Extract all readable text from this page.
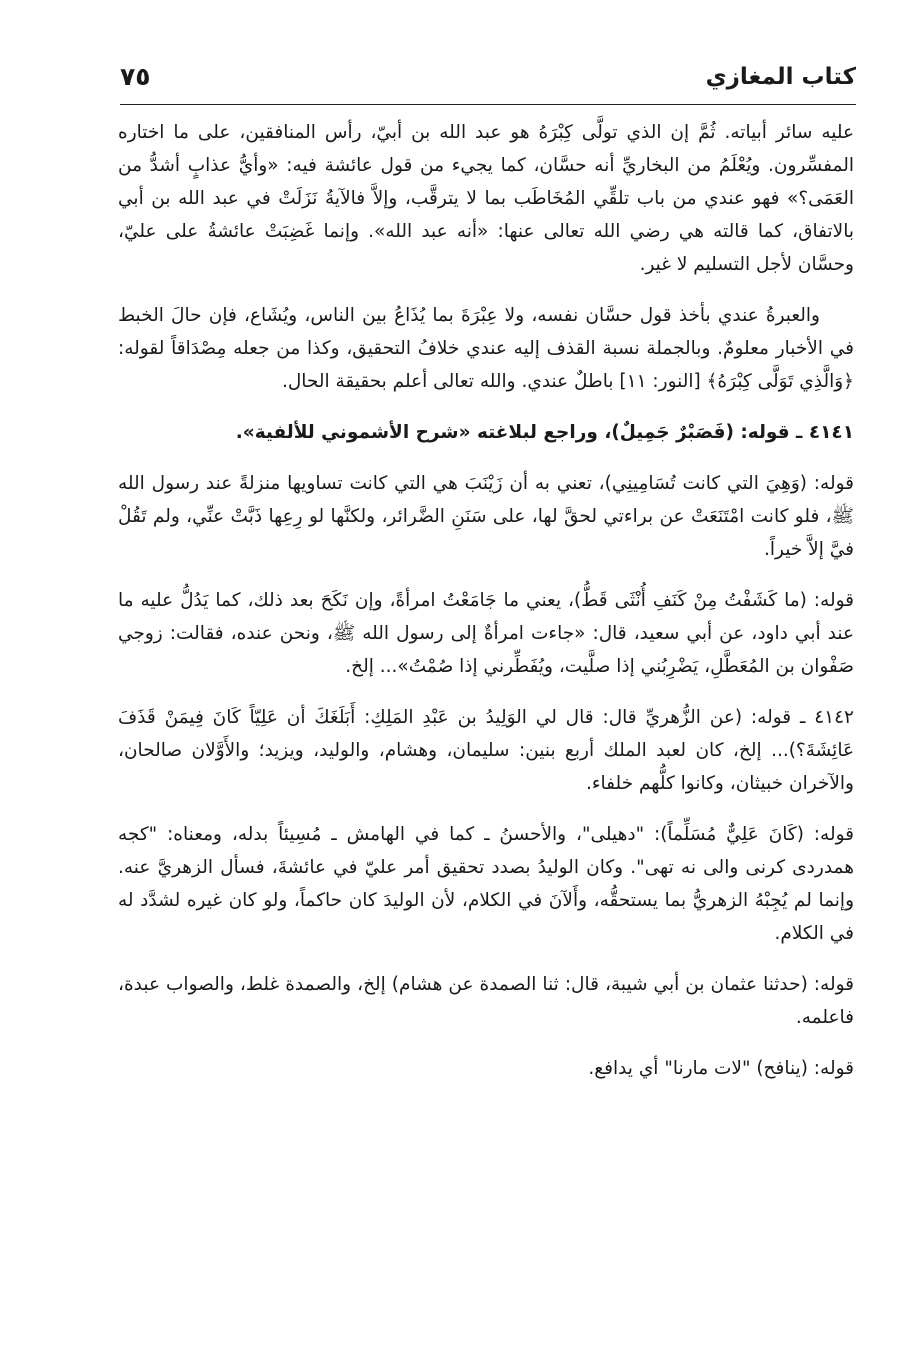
كتاب المغازي
٧٥

عليه سائر أبياته. ثُمَّ إن الذي تولَّى كِبْرَهُ هو عبد الله بن أبيّ، رأس المنافقين، على ما اختاره المفسِّرون. ويُعْلَمُ من البخاريِّ أنه حسَّان، كما يجيء من قول عائشة فيه: «وأيُّ عذابٍ أشدُّ من العَمَى؟» فهو عندي من باب تلقِّي المُخَاطَب بما لا يترقَّب، وإلاَّ فالآيةُ نَزَلَتْ في عبد الله بن أبي بالاتفاق، كما قالته هي رضي الله تعالى عنها: «أنه عبد الله». وإنما غَضِبَتْ عائشةُ على عليّ، وحسَّان لأجل التسليم لا غير.

والعبرةُ عندي بأخذ قول حسَّان نفسه، ولا عِبْرَةَ بما يُذَاعُ بين الناس، ويُشَاع، فإن حالَ الخبط في الأخبار معلومٌ. وبالجملة نسبة القذف إليه عندي خلافُ التحقيق، وكذا من جعله مِصْدَاقاً لقوله: ﴿وَالَّذِي تَوَلَّى كِبْرَهُ﴾ [النور: ١١] باطلٌ عندي. والله تعالى أعلم بحقيقة الحال.

٤١٤١ ـ قوله: (فَصَبْرٌ جَمِيلٌ)، وراجع لبلاغته «شرح الأشموني للألفية».

قوله: (وَهِيَ التي كانت تُسَامِينِي)، تعني به أن زَيْنَبَ هي التي كانت تساويها منزلةً عند رسول الله ﷺ، فلو كانت امْتَنَعَتْ عن براءتي لحقَّ لها، على سَنَنِ الضَّرائر، ولكنَّها لو رِعِها ذَبَّتْ عنِّي، ولم تَقُلْ فيَّ إلاَّ خيراً.

قوله: (ما كَشَفْتُ مِنْ كَنَفِ أُنْثَى قَطُّ)، يعني ما جَامَعْتُ امرأةً، وإن نَكَحَ بعد ذلك، كما يَدُلُّ عليه ما عند أبي داود، عن أبي سعيد، قال: «جاءت امرأةٌ إلى رسول الله ﷺ، ونحن عنده، فقالت: زوجي صَفْوان بن المُعَطَّلِ، يَضْرِبُني إذا صلَّيت، ويُفَطِّرني إذا صُمْتُ»... إلخ.

٤١٤٢ ـ قوله: (عن الزُّهريِّ قال: قال لي الوَلِيدُ بن عَبْدِ المَلِكِ: أَبَلَغَكَ أن عَلِيّاً كَانَ فِيمَنْ قَذَفَ عَائِشَةَ؟)... إلخ، كان لعبد الملك أربع بنين: سليمان، وهشام، والوليد، ويزيد؛ والأَوَّلان صالحان، والآخران خبيثان، وكانوا كلُّهم خلفاء.

قوله: (كَانَ عَلِيٌّ مُسَلِّماً): "دهيلى"، والأحسنُ ـ كما في الهامش ـ مُسِيئاً بدله، ومعناه: "كجه همدردى كرنى والى نه تهى". وكان الوليدُ بصدد تحقيق أمر عليّ في عائشةَ، فسأل الزهريَّ عنه. وإنما لم يُجِبْهُ الزهريُّ بما يستحقُّه، وأَلآنَ في الكلام، لأن الوليدَ كان حاكماً، ولو كان غيره لشدَّد له في الكلام.

قوله: (حدثنا عثمان بن أبي شيبة، قال: ثنا الصمدة عن هشام) إلخ، والصمدة غلط، والصواب عبدة، فاعلمه.

قوله: (ينافح) "لات مارنا" أي يدافع.
